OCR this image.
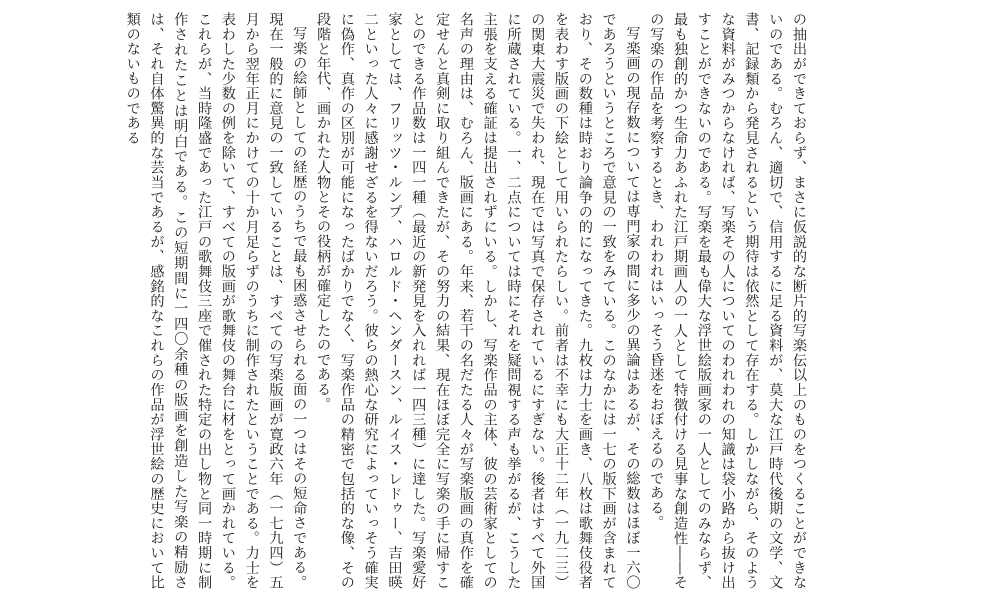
の抽出ができておらず、まさに仮説的な断片的写楽伝以上のものをつくることができないのである。むろん、適切で、信用するに足る資料が、莫大な江戸時代後期の文学、文書、記録類から発見されるという期待は依然として存在する。しかしながら、そのような資料がみつからなければ、写楽その人についてのわれわれの知識は袋小路から抜け出すことができないのである。写楽を最も偉大な浮世絵版画家の一人としてのみならず、最も独創的かつ生命力あふれた江戸期画人の一人として特徴付ける見事な創造性――その写楽の作品を考察するとき、われわれはいっそう昏迷をおぼえるのである。

写楽画の現存数については専門家の間に多少の異論はあるが、その総数はほぼ一六〇であろうというところで意見の一致をみている。このなかには一七の版下画が含まれており、その数種は時おり論争の的になってきた。九枚は力士を画き、八枚は歌舞伎役者を表わす版画の下絵として用いられたらしい。前者は不幸にも大正十二年（一九二三）の関東大震災で失われ、現在では写真で保存されているにすぎない。後者はすべて外国に所蔵されている。一、二点については時にそれを疑問視する声も挙がるが、こうした主張を支える確証は提出されずにいる。しかし、写楽作品の主体、彼の芸術家としての名声の理由は、むろん、版画にある。年来、若干の名だたる人々が写楽版画の真作を確定せんと真剣に取り組んできたが、その努力の結果、現在ほぼ完全に写楽の手に帰すことのできる作品数は一四一種（最近の新発見を入れれば一四三種）に達した。写楽愛好家としては、フリッツ・ルンプ、ハロルド・ヘンダースン、ルイス・レドゥー、吉田暎二といった人々に感謝せざるを得ないだろう。彼らの熱心な研究によっていっそう確実に偽作、真作の区別が可能になったばかりでなく、写楽作品の精密で包括的な像、その段階と年代、画かれた人物とその役柄が確定したのである。

写楽の絵師としての経歴のうちで最も困惑させられる面の一つはその短命さである。現在一般的に意見の一致していることは、すべての写楽版画が寛政六年（一七九四）五月から翌年正月にかけての十か月足らずのうちに制作されたということである。力士を表わした少数の例を除いて、すべての版画が歌舞伎の舞台に材をとって画かれている。これらが、当時隆盛であった江戸の歌舞伎三座で催された特定の出し物と同一時期に制作されたことは明白である。この短期間に一四〇余種の版画を創造した写楽の精励さは、それ自体驚異的な芸当であるが、感銘的なこれらの作品が浮世絵の歴史において比類のないものである
